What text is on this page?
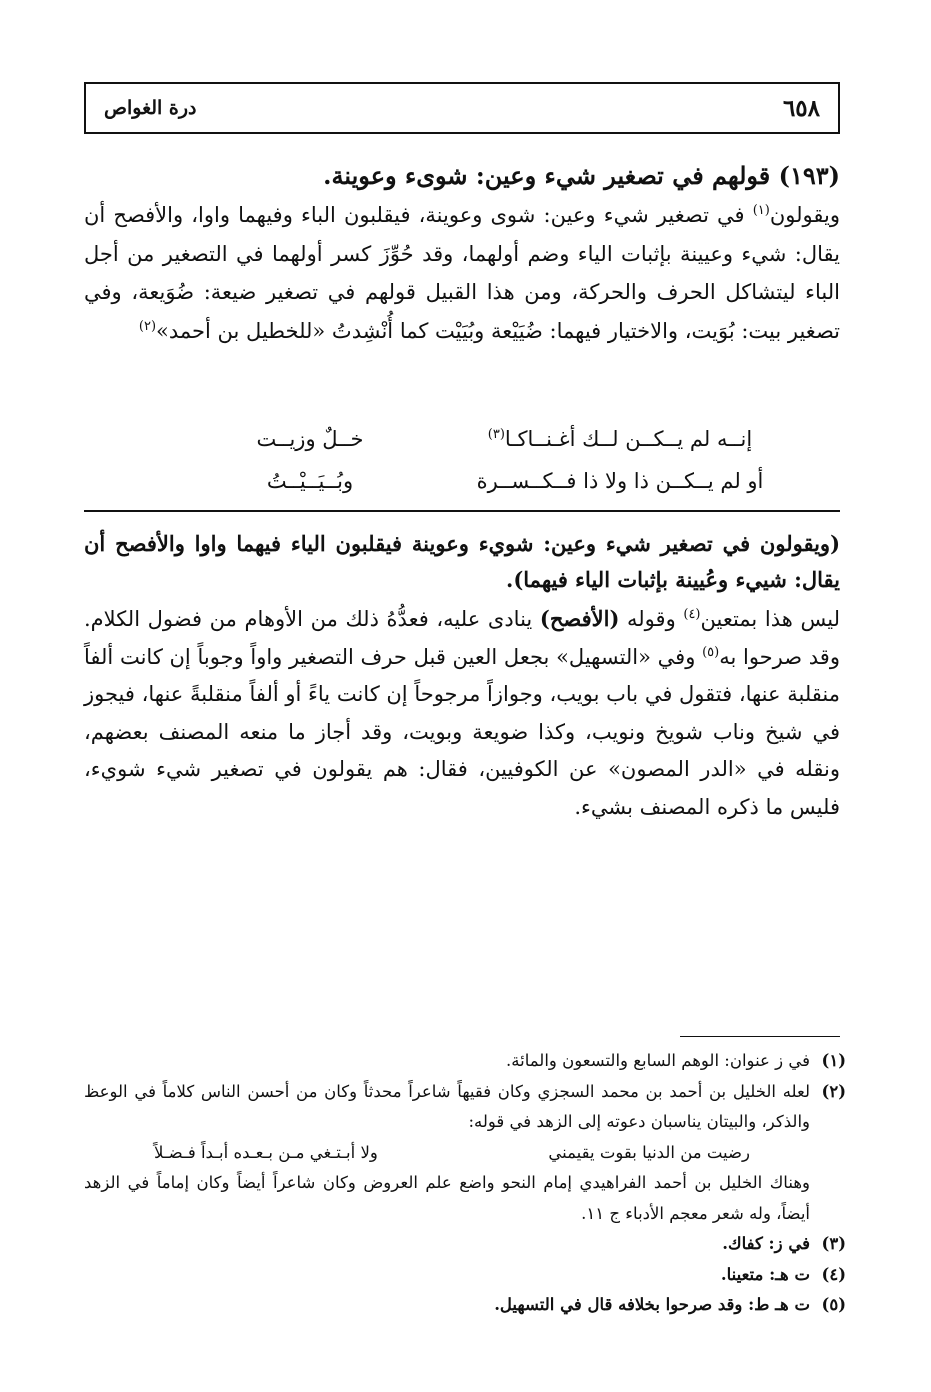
٦٥٨
درة الغواص
(١٩٣) قولهم في تصغير شيء وعين: شوىء وعوينة.
ويقولون$^{(١)}$ في تصغير شيء وعين: شوى وعوينة، فيقلبون الباء وفيهما واوا، والأفصح أن يقال: شيء وعيينة بإثبات الياء وضم أولهما، وقد حُوِّزَ كسر أولهما في التصغير من أجل الباء ليتشاكل الحرف والحركة، ومن هذا القبيل قولهم في تصغير ضيعة: ضُوَيعة، وفي تصغير بيت: بُوَيت، والاختيار فيهما: ضُيَيْعة وبُيَيْت كما أُنْشِدتُ «للخطيل بن أحمد»$^{(٢)}$
إنــه لم يــكــن لــك أغـنــاكـا$^{(٣)}$
خــلٌ وزيــت
أو لم يــكــن ذا ولا ذا فــكــســرة
وبُــيَــيْــتُ
(ويقولون في تصغير شيء وعين: شويء وعوينة فيقلبون الياء فيهما واوا والأفصح أن يقال: شييء وعُيينة بإثبات الياء فيهما).
ليس هذا بمتعين$^{(٤)}$ وقوله (الأفصح) ينادى عليه، فعدُّهُ ذلك من الأوهام من فضول الكلام. وقد صرحوا به$^{(٥)}$ وفي «التسهيل» بجعل العين قبل حرف التصغير واواً وجوباً إن كانت ألفاً منقلبة عنها، فتقول في باب بويب، وجوازاً مرجوحاً إن كانت ياءً أو ألفاً منقلبةً عنها، فيجوز في شيخ وناب شويخ ونويب، وكذا ضويعة وبويت، وقد أجاز ما منعه المصنف بعضهم، ونقله في «الدر المصون» عن الكوفيين، فقال: هم يقولون في تصغير شيء شويء، فليس ما ذكره المصنف بشيء.
(١)
في ز عنوان: الوهم السابع والتسعون والمائة.
(٢)
لعله الخليل بن أحمد بن محمد السجزي وكان فقيهاً شاعراً محدثاً وكان من أحسن الناس كلاماً في الوعظ والذكر، والبيتان يناسبان دعوته إلى الزهد في قوله:
رضيت من الدنيا بقوت يقيمني
ولا أبـتـغي مـن بـعـده أبـداً فـضـلاً
وهناك الخليل بن أحمد الفراهيدي إمام النحو واضع علم العروض وكان شاعراً أيضاً وكان إماماً في الزهد أيضاً، وله شعر معجم الأدباء ج ١١.
(٣)
في ز: كفاك.
(٤)
ت هـ: متعينا.
(٥)
ت هـ ط: وقد صرحوا بخلافه قال في التسهيل.
